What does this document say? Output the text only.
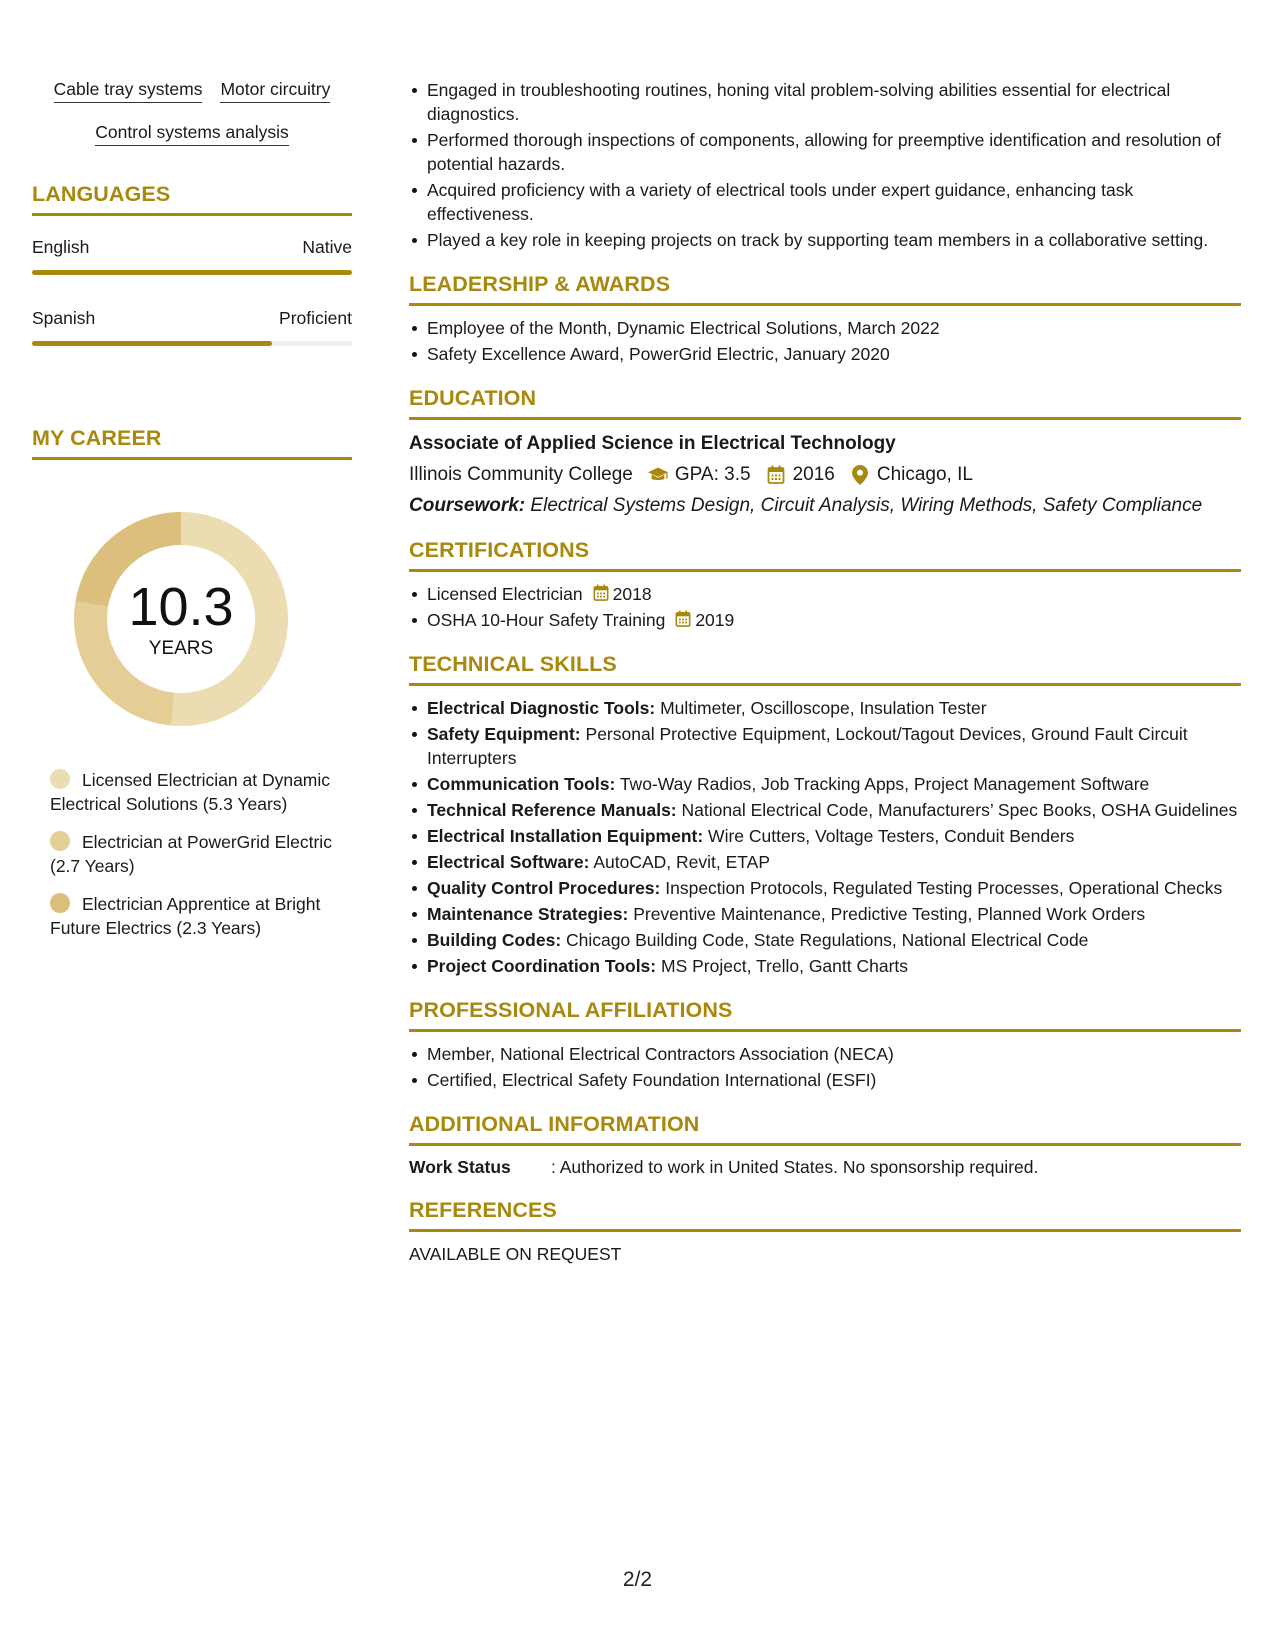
Cable tray systems Motor circuitry
Control systems analysis
LANGUAGES
English	Native
Spanish	Proficient
MY CAREER
10.3
YEARS
Licensed Electrician at Dynamic Electrical Solutions (5.3 Years)
Electrician at PowerGrid Electric (2.7 Years)
Electrician Apprentice at Bright Future Electrics (2.3 Years)
Engaged in troubleshooting routines, honing vital problem-solving abilities essential for electrical diagnostics.
Performed thorough inspections of components, allowing for preemptive identification and resolution of potential hazards.
Acquired proficiency with a variety of electrical tools under expert guidance, enhancing task effectiveness.
Played a key role in keeping projects on track by supporting team members in a collaborative setting.
LEADERSHIP & AWARDS
Employee of the Month, Dynamic Electrical Solutions, March 2022
Safety Excellence Award, PowerGrid Electric, January 2020
EDUCATION
Associate of Applied Science in Electrical Technology
Illinois Community College GPA: 3.5 2016 Chicago, IL
Coursework: Electrical Systems Design, Circuit Analysis, Wiring Methods, Safety Compliance
CERTIFICATIONS
Licensed Electrician 2018
OSHA 10-Hour Safety Training 2019
TECHNICAL SKILLS
Electrical Diagnostic Tools: Multimeter, Oscilloscope, Insulation Tester
Safety Equipment: Personal Protective Equipment, Lockout/Tagout Devices, Ground Fault Circuit Interrupters
Communication Tools: Two-Way Radios, Job Tracking Apps, Project Management Software
Technical Reference Manuals: National Electrical Code, Manufacturers’ Spec Books, OSHA Guidelines
Electrical Installation Equipment: Wire Cutters, Voltage Testers, Conduit Benders
Electrical Software: AutoCAD, Revit, ETAP
Quality Control Procedures: Inspection Protocols, Regulated Testing Processes, Operational Checks
Maintenance Strategies: Preventive Maintenance, Predictive Testing, Planned Work Orders
Building Codes: Chicago Building Code, State Regulations, National Electrical Code
Project Coordination Tools: MS Project, Trello, Gantt Charts
PROFESSIONAL AFFILIATIONS
Member, National Electrical Contractors Association (NECA)
Certified, Electrical Safety Foundation International (ESFI)
ADDITIONAL INFORMATION
Work Status	: Authorized to work in United States. No sponsorship required.
REFERENCES
AVAILABLE ON REQUEST
2/2
